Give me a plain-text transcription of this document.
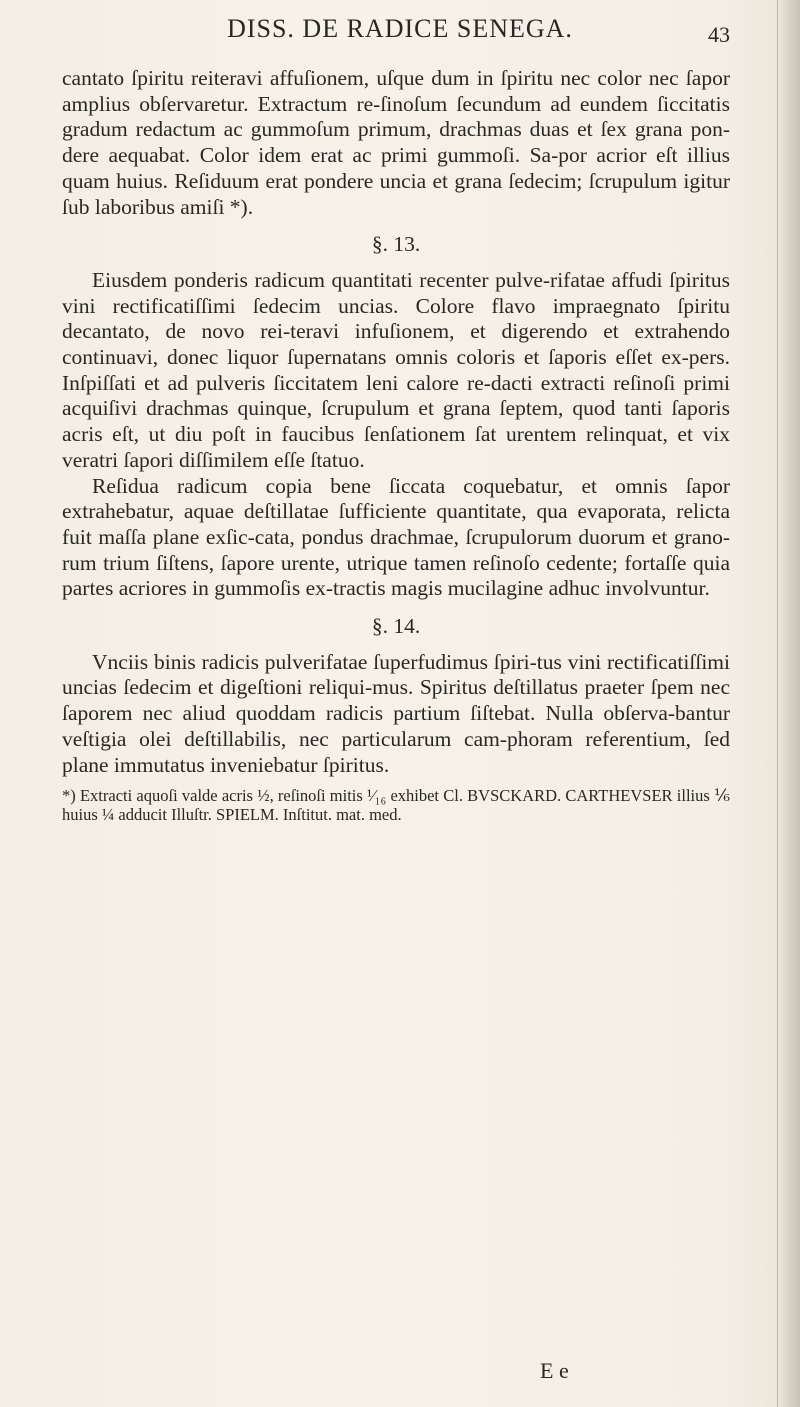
DISS. DE RADICE SENEGA.	43

cantato ſpiritu reiteravi affuſionem, uſque dum in ſpiritu nec color nec ſapor amplius obſervaretur. Extractum re-ſinoſum ſecundum ad eundem ſiccitatis gradum redactum ac gummoſum primum, drachmas duas et ſex grana pon-dere aequabat. Color idem erat ac primi gummoſi. Sa-por acrior eſt illius quam huius. Reſiduum erat pondere uncia et grana ſedecim; ſcrupulum igitur ſub laboribus amiſi *).

§. 13.

Eiusdem ponderis radicum quantitati recenter pulve-rifatae affudi ſpiritus vini rectificatiſſimi ſedecim uncias. Colore flavo impraegnato ſpiritu decantato, de novo rei-teravi infuſionem, et digerendo et extrahendo continuavi, donec liquor ſupernatans omnis coloris et ſaporis eſſet ex-pers. Inſpiſſati et ad pulveris ſiccitatem leni calore re-dacti extracti reſinoſi primi acquiſivi drachmas quinque, ſcrupulum et grana ſeptem, quod tanti ſaporis acris eſt, ut diu poſt in faucibus ſenſationem ſat urentem relinquat, et vix veratri ſapori diſſimilem eſſe ſtatuo.

Reſidua radicum copia bene ſiccata coquebatur, et omnis ſapor extrahebatur, aquae deſtillatae ſufficiente quantitate, qua evaporata, relicta fuit maſſa plane exſic-cata, pondus drachmae, ſcrupulorum duorum et grano-rum trium ſiſtens, ſapore urente, utrique tamen reſinoſo cedente; fortaſſe quia partes acriores in gummoſis ex-tractis magis mucilagine adhuc involvuntur.

§. 14.

Vnciis binis radicis pulverifatae ſuperfudimus ſpiri-tus vini rectificatiſſimi uncias ſedecim et digeſtioni reliqui-mus. Spiritus deſtillatus praeter ſpem nec ſaporem nec aliud quoddam radicis partium ſiſtebat. Nulla obſerva-bantur veſtigia olei deſtillabilis, nec particularum cam-phoram referentium, ſed plane immutatus inveniebatur ſpiritus.

*) Extracti aquoſi valde acris ½, reſinoſi mitis ¹⁄₁₆ exhibet Cl. BVSCKARD. CARTHEVSER illius ⅙ huius ¼ adducit Illuſtr. SPIELM. Inſtitut. mat. med.

E e
